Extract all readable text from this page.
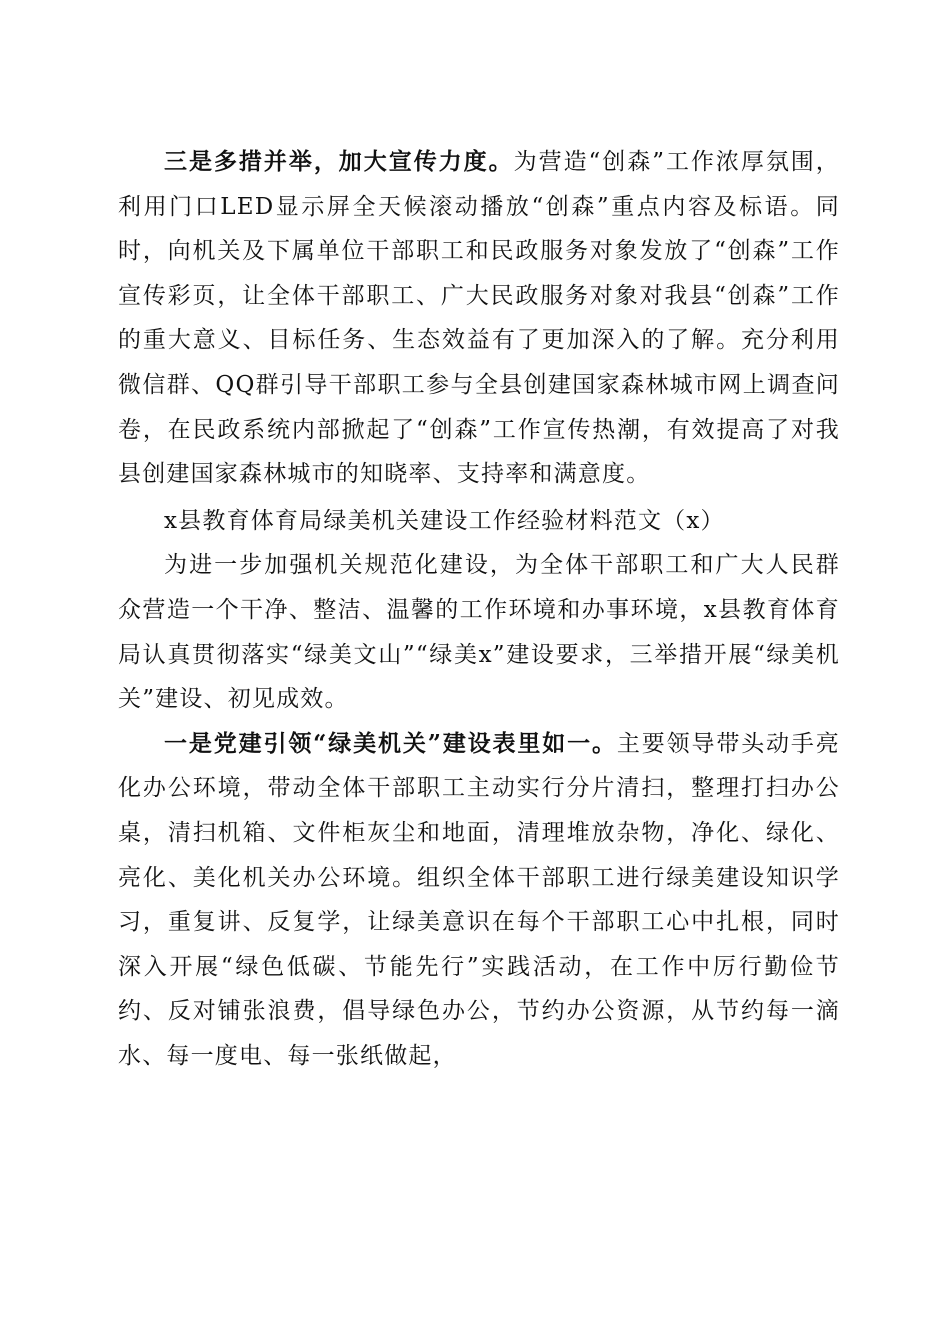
三是多措并举，加大宣传力度。为营造“创森”工作浓厚氛围，利用门口LED显示屏全天候滚动播放“创森”重点内容及标语。同时，向机关及下属单位干部职工和民政服务对象发放了“创森”工作宣传彩页，让全体干部职工、广大民政服务对象对我县“创森”工作的重大意义、目标任务、生态效益有了更加深入的了解。充分利用微信群、QQ群引导干部职工参与全县创建国家森林城市网上调查问卷，在民政系统内部掀起了“创森”工作宣传热潮，有效提高了对我县创建国家森林城市的知晓率、支持率和满意度。

x县教育体育局绿美机关建设工作经验材料范文（x）

为进一步加强机关规范化建设，为全体干部职工和广大人民群众营造一个干净、整洁、温馨的工作环境和办事环境，x县教育体育局认真贯彻落实“绿美文山”“绿美x”建设要求，三举措开展“绿美机关”建设、初见成效。

一是党建引领“绿美机关”建设表里如一。主要领导带头动手亮化办公环境，带动全体干部职工主动实行分片清扫，整理打扫办公桌，清扫机箱、文件柜灰尘和地面，清理堆放杂物，净化、绿化、亮化、美化机关办公环境。组织全体干部职工进行绿美建设知识学习，重复讲、反复学，让绿美意识在每个干部职工心中扎根，同时深入开展“绿色低碳、节能先行”实践活动，在工作中厉行勤俭节约、反对铺张浪费，倡导绿色办公，节约办公资源，从节约每一滴水、每一度电、每一张纸做起，
